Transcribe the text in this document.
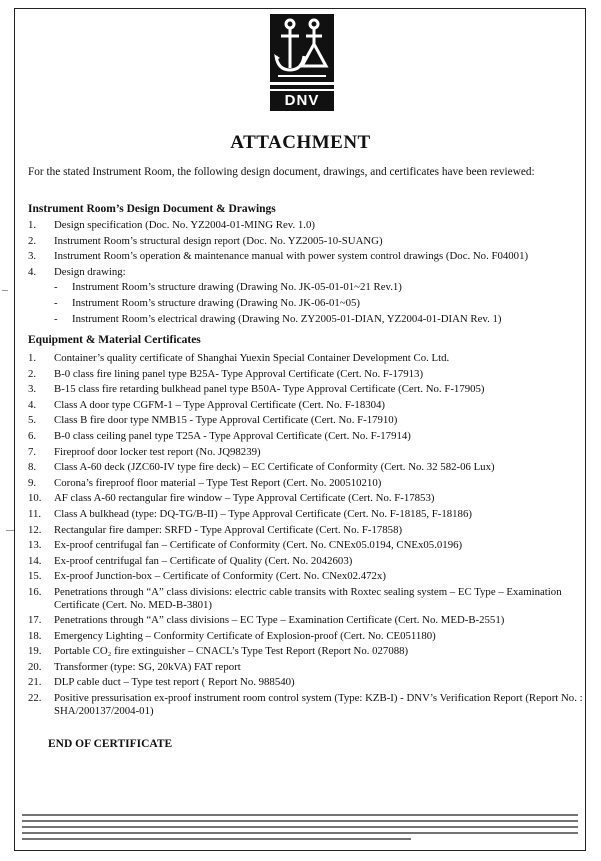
DNV
ATTACHMENT
For the stated Instrument Room, the following design document, drawings, and certificates have been reviewed:
Instrument Room’s Design Document & Drawings
1.	Design specification (Doc. No. YZ2004-01-MING Rev. 1.0)
2.	Instrument Room’s structural design report (Doc. No. YZ2005-10-SUANG)
3.	Instrument Room’s operation & maintenance manual with power system control drawings (Doc. No. F04001)
4.	Design drawing:
- Instrument Room’s structure drawing (Drawing No. JK-05-01-01~21 Rev.1)
- Instrument Room’s structure drawing (Drawing No. JK-06-01~05)
- Instrument Room’s electrical drawing (Drawing No. ZY2005-01-DIAN, YZ2004-01-DIAN Rev. 1)
Equipment & Material Certificates
1.	Container’s quality certificate of Shanghai Yuexin Special Container Development Co. Ltd.
2.	B-0 class fire lining panel type B25A- Type Approval Certificate (Cert. No. F-17913)
3.	B-15 class fire retarding bulkhead panel type B50A- Type Approval Certificate (Cert. No. F-17905)
4.	Class A door type CGFM-1 – Type Approval Certificate (Cert. No. F-18304)
5.	Class B fire door type NMB15 - Type Approval Certificate (Cert. No. F-17910)
6.	B-0 class ceiling panel type T25A - Type Approval Certificate (Cert. No. F-17914)
7.	Fireproof door locker test report (No. JQ98239)
8.	Class A-60 deck (JZC60-IV type fire deck) – EC Certificate of Conformity (Cert. No. 32 582-06 Lux)
9.	Corona’s fireproof floor material – Type Test Report (Cert. No. 200510210)
10.	AF class A-60 rectangular fire window – Type Approval Certificate (Cert. No. F-17853)
11.	Class A bulkhead (type: DQ-TG/B-II) – Type Approval Certificate (Cert. No. F-18185, F-18186)
12.	Rectangular fire damper: SRFD - Type Approval Certificate (Cert. No. F-17858)
13.	Ex-proof centrifugal fan – Certificate of Conformity (Cert. No. CNEx05.0194, CNEx05.0196)
14.	Ex-proof centrifugal fan – Certificate of Quality (Cert. No. 2042603)
15.	Ex-proof Junction-box – Certificate of Conformity (Cert. No. CNex02.472x)
16.	Penetrations through “A” class divisions: electric cable transits with Roxtec sealing system – EC Type – Examination Certificate (Cert. No. MED-B-3801)
17.	Penetrations through “A” class divisions – EC Type – Examination Certificate (Cert. No. MED-B-2551)
18.	Emergency Lighting – Conformity Certificate of Explosion-proof (Cert. No. CE051180)
19.	Portable CO₂ fire extinguisher – CNACL’s Type Test Report (Report No. 027088)
20.	Transformer (type: SG, 20kVA) FAT report
21.	DLP cable duct – Type test report ( Report No. 988540)
22.	Positive pressurisation ex-proof instrument room control system (Type: KZB-I) - DNV’s Verification Report (Report No. : SHA/200137/2004-01)
END OF CERTIFICATE
